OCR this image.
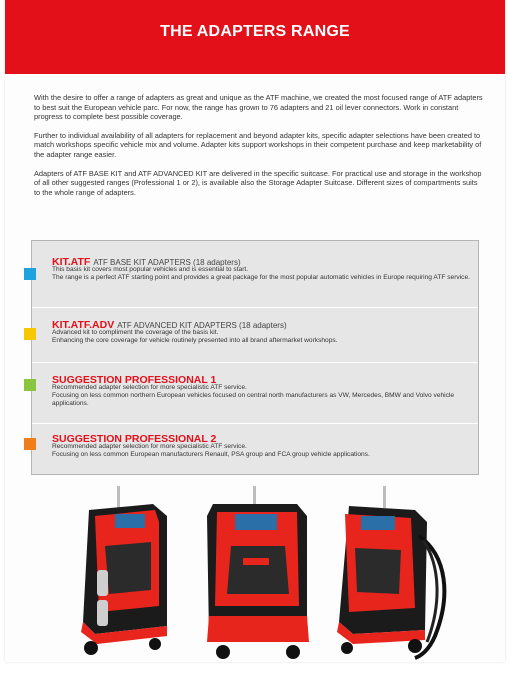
THE ADAPTERS RANGE

With the desire to offer a range of adapters as great and unique as the ATF machine, we created the most focused range of ATF adapters to best suit the European vehicle parc. For now, the range has grown to 76 adapters and 21 oil lever connectors. Work in constant progress to complete best possible coverage.

Further to individual availability of all adapters for replacement and beyond adapter kits, specific adapter selections have been created to match workshops specific vehicle mix and volume. Adapter kits support workshops in their competent purchase and keep marketability of the adapter range easier.

Adapters of ATF BASE KIT and ATF ADVANCED KIT are delivered in the specific suitcase. For practical use and storage in the workshop of all other suggested ranges (Professional 1 or 2), is available also the Storage Adapter Suitcase. Different sizes of compartments suits to the whole range of adapters.

KIT.ATF ATF BASE KIT ADAPTERS (18 adapters)
This basis kit covers most popular vehicles and is essential to start.
The range is a perfect ATF starting point and provides a great package for the most popular automatic vehicles in Europe requiring ATF service.
KIT.ATF.ADV ATF ADVANCED KIT ADAPTERS (18 adapters)
Advanced kit to compliment the coverage of the basis kit.
Enhancing the core coverage for vehicle routinely presented into all brand aftermarket workshops.
SUGGESTION PROFESSIONAL 1
Recommended adapter selection for more specialistic ATF service.
Focusing on less common northern European vehicles focused on central north manufacturers as VW, Mercedes, BMW and Volvo vehicle applications.
SUGGESTION PROFESSIONAL 2
Recommended adapter selection for more specialistic ATF service.
Focusing on less common European manufacturers Renault, PSA group and FCA group vehicle applications.
